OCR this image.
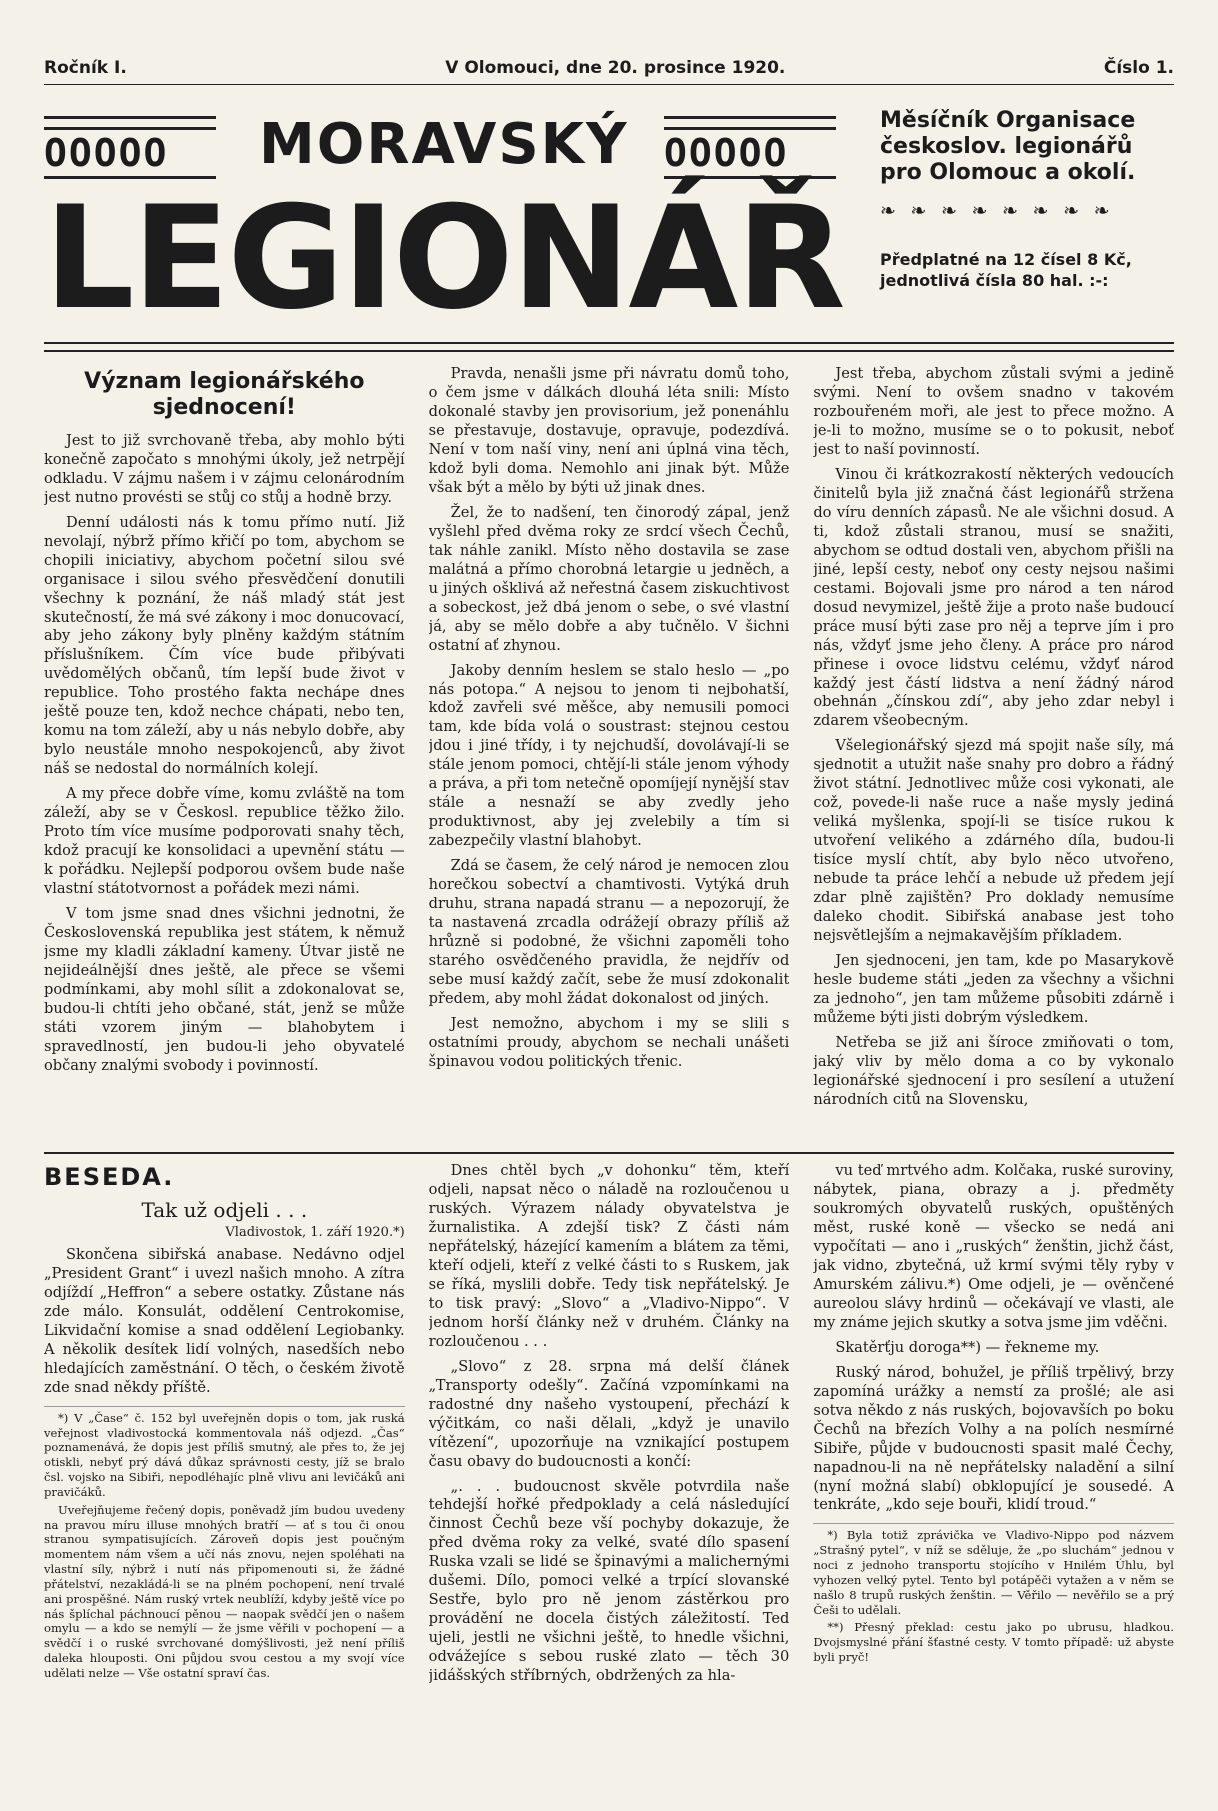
Ročník I.	V Olomouci, dne 20. prosince 1920.	Číslo 1.
OOOOO	MORAVSKÝ OOOOO
LEGIONÁŘ
Měsíčník Organisace českoslov. legionářů pro Olomouc a okolí.
❧ ❧ ❧ ❧ ❧ ❧ ❧ ❧
Předplatné na 12 čísel 8 Kč, jednotlivá čísla 80 hal. :-:
Význam legionářského sjednocení!

Jest to již svrchovaně třeba, aby mohlo býti konečně započato s mnohými úkoly, jež netrpějí odkladu. V zájmu našem i v zájmu celonárodním jest nutno provésti se stůj co stůj a hodně brzy.

Denní události nás k tomu přímo nutí. Již nevolají, nýbrž přímo křičí po tom, abychom se chopili iniciativy, abychom početní silou své organisace i silou svého přesvědčení donutili všechny k poznání, že náš mladý stát jest skutečností, že má své zákony i moc donucovací, aby jeho zákony byly plněny každým státním příslušníkem. Čím více bude přibývati uvědomělých občanů, tím lepší bude život v republice. Toho prostého fakta nechápe dnes ještě pouze ten, kdož nechce chápati, nebo ten, komu na tom záleží, aby u nás nebylo dobře, aby bylo neustále mnoho nespokojenců, aby život náš se nedostal do normálních kolejí.

A my přece dobře víme, komu zvláště na tom záleží, aby se v Českosl. republice těžko žilo. Proto tím více musíme podporovati snahy těch, kdož pracují ke konsolidaci a upevnění státu — k pořádku. Nejlepší podporou ovšem bude naše vlastní státotvornost a pořádek mezi námi.

V tom jsme snad dnes všichni jednotni, že Československá republika jest státem, k němuž jsme my kladli základní kameny. Útvar jistě ne nejideálnější dnes ještě, ale přece se všemi podmínkami, aby mohl sílit a zdokonalovat se, budou-li chtíti jeho občané, stát, jenž se může státi vzorem jiným — blahobytem i spravedlností, jen budou-li jeho obyvatelé občany znalými svobody i povinností.

Pravda, nenašli jsme při návratu domů toho, o čem jsme v dálkách dlouhá léta snili: Místo dokonalé stavby jen provisorium, jež ponenáhlu se přestavuje, dostavuje, opravuje, podezdívá. Není v tom naší viny, není ani úplná vina těch, kdož byli doma. Nemohlo ani jinak být. Může však být a mělo by býti už jinak dnes.

Žel, že to nadšení, ten činorodý zápal, jenž vyšlehl před dvěma roky ze srdcí všech Čechů, tak náhle zanikl. Místo něho dostavila se zase malátná a přímo chorobná letargie u jedněch, a u jiných ošklivá až neřestná časem ziskuchtivost a sobeckost, jež dbá jenom o sebe, o své vlastní já, aby se mělo dobře a aby tučnělo. V šichni ostatní ať zhynou.

Jakoby denním heslem se stalo heslo — „po nás potopa.“ A nejsou to jenom ti nejbohatší, kdož zavřeli své měšce, aby nemusili pomoci tam, kde bída volá o soustrast: stejnou cestou jdou i jiné třídy, i ty nejchudší, dovolávají-li se stále jenom pomoci, chtějí-li stále jenom výhody a práva, a při tom netečně opomíjejí nynější stav stále a nesnaží se aby zvedly jeho produktivnost, aby jej zvelebily a tím si zabezpečily vlastní blahobyt.

Zdá se časem, že celý národ je nemocen zlou horečkou sobectví a chamtivosti. Vytýká druh druhu, strana napadá stranu — a nepozorují, že ta nastavená zrcadla odrážejí obrazy příliš až hrůzně si podobné, že všichni zapoměli toho starého osvědčeného pravidla, že nejdřív od sebe musí každý začít, sebe že musí zdokonalit předem, aby mohl žádat dokonalost od jiných.

Jest nemožno, abychom i my se slili s ostatními proudy, abychom se nechali unášeti špinavou vodou politických třenic.

Jest třeba, abychom zůstali svými a jedině svými. Není to ovšem snadno v takovém rozbouřeném moři, ale jest to přece možno. A je-li to možno, musíme se o to pokusit, neboť jest to naší povinností.

Vinou či krátkozrakostí některých vedoucích činitelů byla již značná část legionářů stržena do víru denních zápasů. Ne ale všichni dosud. A ti, kdož zůstali stranou, musí se snažiti, abychom se odtud dostali ven, abychom přišli na jiné, lepší cesty, neboť ony cesty nejsou našimi cestami. Bojovali jsme pro národ a ten národ dosud nevymizel, ještě žije a proto naše budoucí práce musí býti zase pro něj a teprve jím i pro nás, vždyť jsme jeho členy. A práce pro národ přinese i ovoce lidstvu celému, vždyť národ každý jest částí lidstva a není žádný národ obehnán „čínskou zdí“, aby jeho zdar nebyl i zdarem všeobecným.

Všelegionářský sjezd má spojit naše síly, má sjednotit a utužit naše snahy pro dobro a řádný život státní. Jednotlivec může cosi vykonati, ale což, povede-li naše ruce a naše mysly jediná veliká myšlenka, spojí-li se tisíce rukou k utvoření velikého a zdárného díla, budou-li tisíce myslí chtít, aby bylo něco utvořeno, nebude ta práce lehčí a nebude už předem její zdar plně zajištěn? Pro doklady nemusíme daleko chodit. Sibiřská anabase jest toho nejsvětlejším a nejmakavějším příkladem.

Jen sjednoceni, jen tam, kde po Masarykově hesle budeme státi „jeden za všechny a všichni za jednoho“, jen tam můžeme působiti zdárně i můžeme býti jisti dobrým výsledkem.

Netřeba se již ani šíroce zmiňovati o tom, jaký vliv by mělo doma a co by vykonalo legionářské sjednocení i pro sesílení a utužení národních citů na Slovensku,

BESEDA.
Tak už odjeli . . .
Vladivostok, 1. září 1920.*)

Skončena sibiřská anabase. Nedávno odjel „President Grant“ i uvezl našich mnoho. A zítra odjíždí „Heffron“ a sebere ostatky. Zůstane nás zde málo. Konsulát, oddělení Centrokomise, Likvidační komise a snad oddělení Legiobanky. A několik desítek lidí volných, nasedších nebo hledajících zaměstnání. O těch, o českém životě zde snad někdy příště.

*) V „Čase“ č. 152 byl uveřejněn dopis o tom, jak ruská veřejnost vladivostocká kommentovala náš odjezd. „Čas“ poznamenává, že dopis jest příliš smutný, ale přes to, že jej otiskli, nebyť prý dává důkaz správnosti cesty, jíž se bralo čsl. vojsko na Sibiři, nepodléhajíc plně vlivu ani levičáků ani pravičáků.

Uveřejňujeme řečený dopis, poněvadž jím budou uvedeny na pravou míru illuse mnohých bratří — ať s tou či onou stranou sympatisujících. Zároveň dopis jest poučným momentem nám všem a učí nás znovu, nejen spoléhati na vlastní síly, nýbrž i nutí nás připomenouti si, že žádné přátelství, nezakládá-li se na plném pochopení, není trvalé ani prospěšné. Nám ruský vrtek neublíží, kdyby ještě více po nás šplíchal páchnoucí pěnou — naopak svědčí jen o našem omylu — a kdo se nemýlí — že jsme věřili v pochopení — a svědčí i o ruské svrchované domýšlivosti, jež není příliš daleka hlouposti. Oni půjdou svou cestou a my svojí více udělati nelze — Vše ostatní spraví čas.

Dnes chtěl bych „v dohonku“ těm, kteří odjeli, napsat něco o náladě na rozloučenou u ruských. Výrazem nálady obyvatelstva je žurnalistika. A zdejší tisk? Z části nám nepřátelský, házející kamením a blátem za těmi, kteří odjeli, kteří z velké části to s Ruskem, jak se říká, myslili dobře. Tedy tisk nepřátelský. Je to tisk pravý: „Slovo“ a „Vladivo-Nippo“. V jednom horší články než v druhém. Články na rozloučenou . . .

„Slovo“ z 28. srpna má delší článek „Transporty odešly“. Začíná vzpomínkami na radostné dny našeho vystoupení, přechází k výčitkám, co naši dělali, „když je unavilo vítězení“, upozorňuje na vznikající postupem času obavy do budoucnosti a končí:

„. . . budoucnost skvěle potvrdila naše tehdejší hořké předpoklady a celá následující činnost Čechů beze vší pochyby dokazuje, že před dvěma roky za velké, svaté dílo spasení Ruska vzali se lidé se špinavými a malichernými dušemi. Dílo, pomoci velké a trpící slovanské Sestře, bylo pro ně jenom zástěrkou pro provádění ne docela čistých záležitostí. Teď ujeli, jestli ne všichni ještě, to hnedle všichni, odvážejíce s sebou ruské zlato — těch 30 jidášských stříbrných, obdržených za hla-

vu teď mrtvého adm. Kolčaka, ruské suroviny, nábytek, piana, obrazy a j. předměty soukromých obyvatelů ruských, opuštěných měst, ruské koně — všecko se nedá ani vypočítati — ano i „ruských“ ženštin, jichž část, jak vidno, zbytečná, už krmí svými těly ryby v Amurském zálivu.*) Ome odjeli, je — ověnčené aureolou slávy hrdinů — očekávají ve vlasti, ale my známe jejich skutky a sotva jsme jim vděčni.

Skatěrťju doroga**) — řekneme my.

Ruský národ, bohužel, je příliš trpělivý, brzy zapomíná urážky a nemstí za prošlé; ale asi sotva někdo z nás ruských, bojovavších po boku Čechů na březích Volhy a na polích nesmírné Sibiře, půjde v budoucnosti spasit malé Čechy, napadnou-li na ně nepřátelsky naladění a silní (nyní možná slabí) obklopující je sousedé. A tenkráte, „kdo seje bouři, klidí troud.“

*) Byla totiž zprávička ve Vladivo-Nippo pod názvem „Strašný pytel“, v níž se sděluje, že „po sluchám“ jednou v noci z jednoho transportu stojícího v Hnilém Úhlu, byl vyhozen velký pytel. Tento byl potápěči vytažen a v něm se našlo 8 trupů ruských ženštin. — Věřilo — nevěřilo se a prý Češi to udělali.

**) Přesný překlad: cestu jako po ubrusu, hladkou. Dvojsmyslné přání šťastné cesty. V tomto případě: už abyste byli pryč!
